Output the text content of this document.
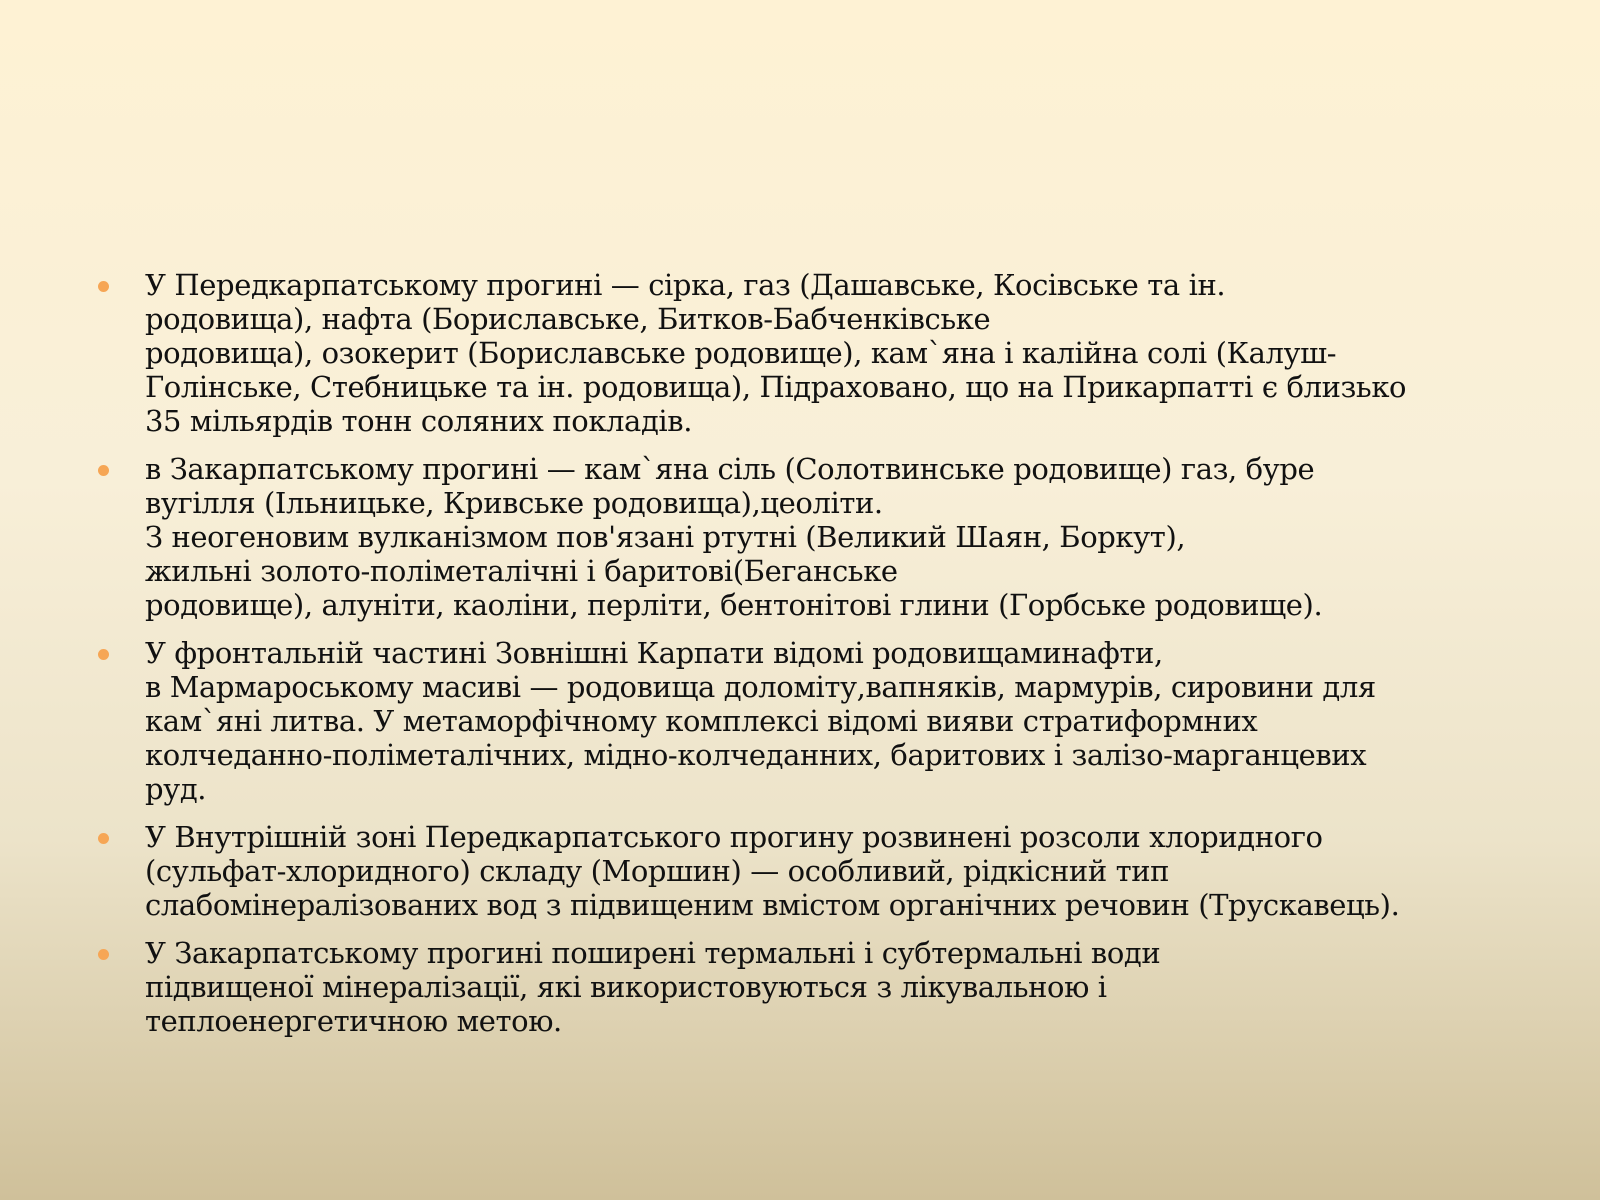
У Передкарпатському прогині — сірка, газ (Дашавське, Косівське та ін.
родовища), нафта (Бориславське, Битков-Бабченківське
родовища), озокерит (Бориславське родовище), кам`яна і калійна солі (Калуш-
Голінське, Стебницьке та ін. родовища), Підраховано, що на Прикарпатті є близько
35 мільярдів тонн соляних покладів.
в Закарпатському прогині — кам`яна сіль (Солотвинське родовище) газ, буре
вугілля (Ільницьке, Кривське родовища),цеоліти.
З неогеновим вулканізмом пов'язані ртутні (Великий Шаян, Боркут),
жильні золото-поліметалічні і баритові(Беганське
родовище), алуніти, каоліни, перліти, бентонітові глини (Горбське родовище).
У фронтальній частині Зовнішні Карпати відомі родовищаминафти,
в Мармароському масиві — родовища доломіту,вапняків, мармурів, сировини для
кам`яні литва. У метаморфічному комплексі відомі вияви стратиформних
колчеданно-поліметалічних, мідно-колчеданних, баритових і залізо-марганцевих
руд.
У Внутрішній зоні Передкарпатського прогину розвинені розсоли хлоридного
(сульфат-хлоридного) складу (Моршин) — особливий, рідкісний тип
слабомінералізованих вод з підвищеним вмістом органічних речовин (Трускавець).
У Закарпатському прогині поширені термальні і субтермальні води
підвищеної мінералізації, які використовуються з лікувальною і
теплоенергетичною метою.
